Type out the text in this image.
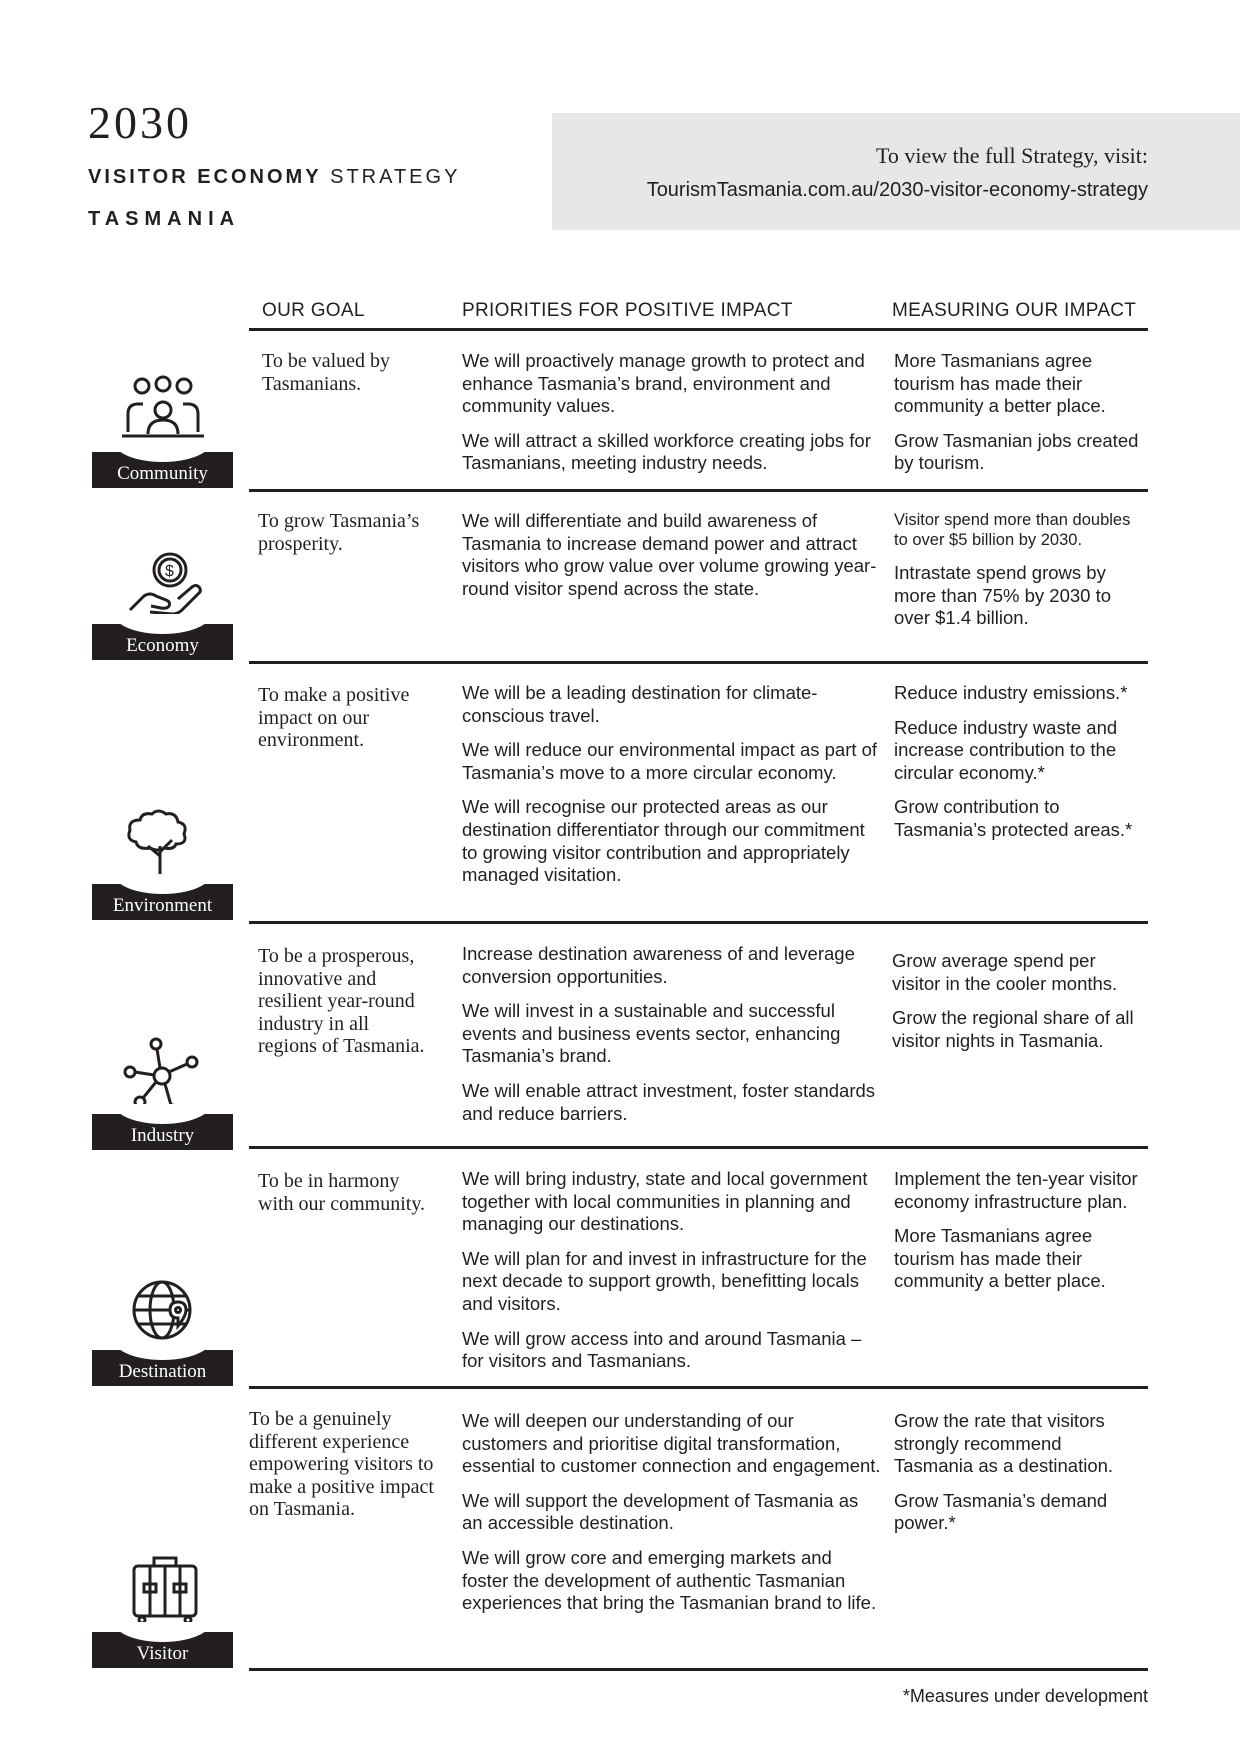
2030
VISITOR ECONOMY STRATEGY
TASMANIA
To view the full Strategy, visit:
TourismTasmania.com.au/2030-visitor-economy-strategy
OUR GOAL	PRIORITIES FOR POSITIVE IMPACT	MEASURING OUR IMPACT
To be valued by Tasmanians.

We will proactively manage growth to protect and enhance Tasmania’s brand, environment and community values.

We will attract a skilled workforce creating jobs for Tasmanians, meeting industry needs.

More Tasmanians agree tourism has made their community a better place.

Grow Tasmanian jobs created by tourism.

Community
To grow Tasmania’s prosperity.

We will differentiate and build awareness of Tasmania to increase demand power and attract visitors who grow value over volume growing year-round visitor spend across the state.

Visitor spend more than doubles to over $5 billion by 2030.

Intrastate spend grows by more than 75% by 2030 to over $1.4 billion.

$
Economy
To make a positive impact on our environment.

We will be a leading destination for climate-conscious travel.

We will reduce our environmental impact as part of Tasmania’s move to a more circular economy.

We will recognise our protected areas as our destination differentiator through our commitment to growing visitor contribution and appropriately managed visitation.

Reduce industry emissions.*

Reduce industry waste and increase contribution to the circular economy.*

Grow contribution to Tasmania’s protected areas.*

Environment
To be a prosperous, innovative and resilient year-round industry in all regions of Tasmania.

Increase destination awareness of and leverage conversion opportunities.

We will invest in a sustainable and successful events and business events sector, enhancing Tasmania’s brand.

We will enable attract investment, foster standards and reduce barriers.

Grow average spend per visitor in the cooler months.

Grow the regional share of all visitor nights in Tasmania.

Industry
To be in harmony with our community.

We will bring industry, state and local government together with local communities in planning and managing our destinations.

We will plan for and invest in infrastructure for the next decade to support growth, benefitting locals and visitors.

We will grow access into and around Tasmania – for visitors and Tasmanians.

Implement the ten-year visitor economy infrastructure plan.

More Tasmanians agree tourism has made their community a better place.

Destination
To be a genuinely different experience empowering visitors to make a positive impact on Tasmania.

We will deepen our understanding of our customers and prioritise digital transformation, essential to customer connection and engagement.

We will support the development of Tasmania as an accessible destination.

We will grow core and emerging markets and foster the development of authentic Tasmanian experiences that bring the Tasmanian brand to life.

Grow the rate that visitors strongly recommend Tasmania as a destination.

Grow Tasmania’s demand power.*

Visitor
*Measures under development
